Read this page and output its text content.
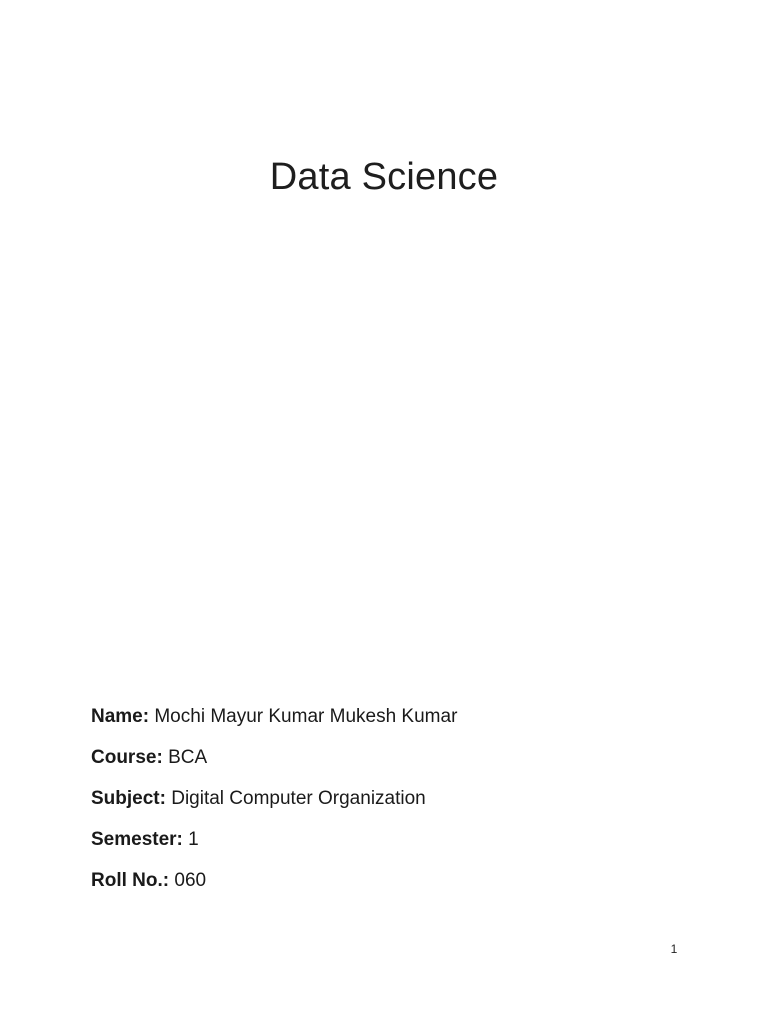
Data Science
Name: Mochi Mayur Kumar Mukesh Kumar
Course: BCA
Subject: Digital Computer Organization
Semester: 1
Roll No.: 060
1
